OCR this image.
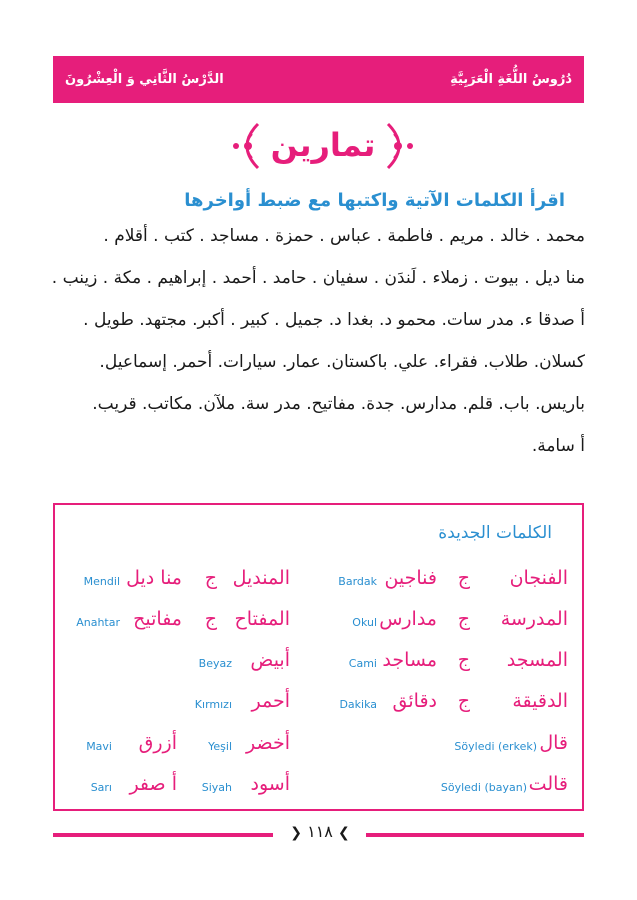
دُرُوسُ اللُّغَةِ الْعَرَبِيَّةِ
الدَّرْسُ الثَّانِي وَ الْعِشْرُونَ
تمارين
اقرأ الكلمات الآتية واكتبها مع ضبط أواخرها
محمد . خالد . مريم . فاطمة . عباس . حمزة . مساجد . كتب . أقلام .
منا ديل . بيوت . زملاء . لَندَن . سفيان . حامد . أحمد . إبراهيم . مكة . زينب .
أ صدقا ء. مدر سات. محمو د. بغدا د. جميل . كبير . أكبر. مجتهد. طويل .
كسلان. طلاب. فقراء. علي. باكستان. عمار. سيارات. أحمر. إسماعيل.
باريس. باب. قلم. مدارس. جدة. مفاتيح. مدر سة. ملآن. مكاتب. قريب.
أ سامة.
الكلمات الجديدة
الفنجان
ج
فناجين
Bardak
المنديل
ج
منا ديل
Mendil
المدرسة
ج
مدارس
Okul
المفتاح
ج
مفاتيح
Anahtar
المسجد
ج
مساجد
Cami
أبيض
Beyaz
الدقيقة
ج
دقائق
Dakika
أحمر
Kırmızı
قال
Söyledi (erkek)
أخضر
Yeşil
أزرق
Mavi
قالت
Söyledi (bayan)
أسود
Siyah
أ صفر
Sarı
❯ ١١٨ ❮
